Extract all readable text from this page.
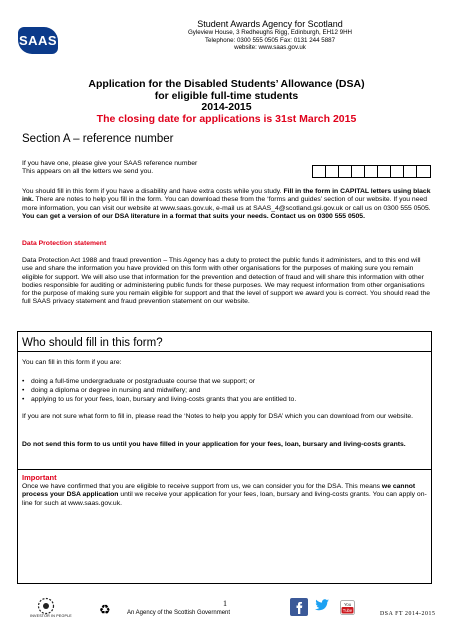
SAAS
Student Awards Agency for Scotland
Gyleview House, 3 Redheughs Rigg, Edinburgh, EH12 9HH
Telephone: 0300 555 0505 Fax: 0131 244 5887
website: www.saas.gov.uk
Application for the Disabled Students’ Allowance (DSA)
for eligible full-time students
2014-2015
The closing date for applications is 31st March 2015
Section A – reference number
If you have one, please give your SAAS reference number
This appears on all the letters we send you.
You should fill in this form if you have a disability and have extra costs while you study. Fill in the form in CAPITAL letters using black ink. There are notes to help you fill in the form. You can download these from the ‘forms and guides’ section of our website. If you need more information, you can visit our website at www.saas.gov.uk, e-mail us at SAAS_4@scotland.gsi.gov.uk or call us on 0300 555 0505. You can get a version of our DSA literature in a format that suits your needs. Contact us on 0300 555 0505.
Data Protection statement
Data Protection Act 1988 and fraud prevention – This Agency has a duty to protect the public funds it administers, and to this end will use and share the information you have provided on this form with other organisations for the purposes of making sure you remain eligible for support. We will also use that information for the prevention and detection of fraud and will share this information with other bodies responsible for auditing or administering public funds for these purposes. We may request information from other organisations for the purpose of making sure you remain eligible for support and that the level of support we award you is correct. You should read the full SAAS privacy statement and fraud prevention statement on our website.
Who should fill in this form?
You can fill in this form if you are:
• doing a full-time undergraduate or postgraduate course that we support; or
• doing a diploma or degree in nursing and midwifery; and
• applying to us for your fees, loan, bursary and living-costs grants that you are entitled to.
If you are not sure what form to fill in, please read the ‘Notes to help you apply for DSA’ which you can download from our website.
Do not send this form to us until you have filled in your application for your fees, loan, bursary and living-costs grants.
Important
Once we have confirmed that you are eligible to receive support from us, we can consider you for the DSA. This means we cannot process your DSA application until we receive your application for your fees, loan, bursary and living-costs grants. You can apply on-line for such at www.saas.gov.uk.
INVESTOR IN PEOPLE ♻	1
An Agency of the Scottish Government
You
Tube
DSA FT 2014-2015
